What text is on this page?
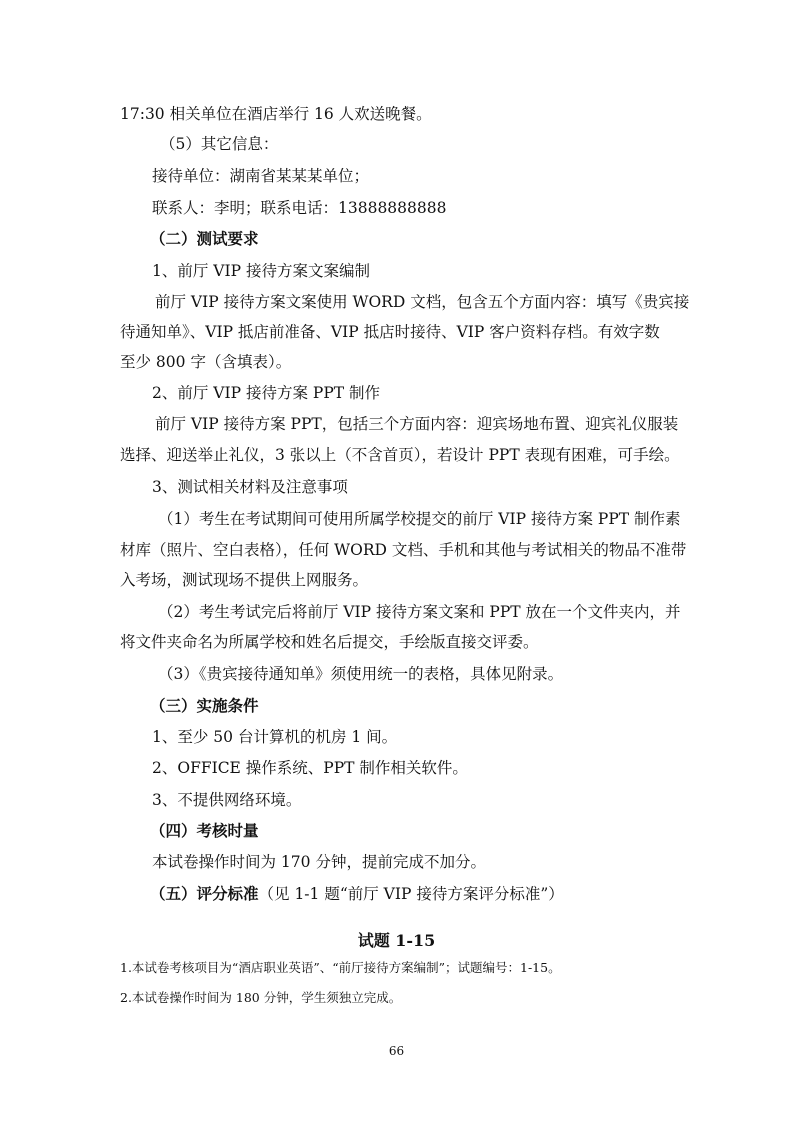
17:30 相关单位在酒店举行 16 人欢送晚餐。
（5）其它信息：
接待单位：湖南省某某某单位；
联系人：李明；联系电话：13888888888
（二）测试要求
1、前厅 VIP 接待方案文案编制
前厅 VIP 接待方案文案使用 WORD 文档，包含五个方面内容：填写《贵宾接
待通知单》、VIP 抵店前准备、VIP 抵店时接待、VIP 客户资料存档。有效字数
至少 800 字（含填表）。
2、前厅 VIP 接待方案 PPT 制作
前厅 VIP 接待方案 PPT，包括三个方面内容：迎宾场地布置、迎宾礼仪服装
选择、迎送举止礼仪，3 张以上（不含首页），若设计 PPT 表现有困难，可手绘。
3、测试相关材料及注意事项
（1）考生在考试期间可使用所属学校提交的前厅 VIP 接待方案 PPT 制作素
材库（照片、空白表格），任何 WORD 文档、手机和其他与考试相关的物品不准带
入考场，测试现场不提供上网服务。
（2）考生考试完后将前厅 VIP 接待方案文案和 PPT 放在一个文件夹内，并
将文件夹命名为所属学校和姓名后提交，手绘版直接交评委。
（3）《贵宾接待通知单》须使用统一的表格，具体见附录。
（三）实施条件
1、至少 50 台计算机的机房 1 间。
2、OFFICE 操作系统、PPT 制作相关软件。
3、不提供网络环境。
（四）考核时量
本试卷操作时间为 170 分钟，提前完成不加分。
（五）评分标准（见 1-1 题“前厅 VIP 接待方案评分标准”）
试题 1-15
1.本试卷考核项目为“酒店职业英语”、“前厅接待方案编制”；试题编号：1-15。
2.本试卷操作时间为 180 分钟，学生须独立完成。
66
